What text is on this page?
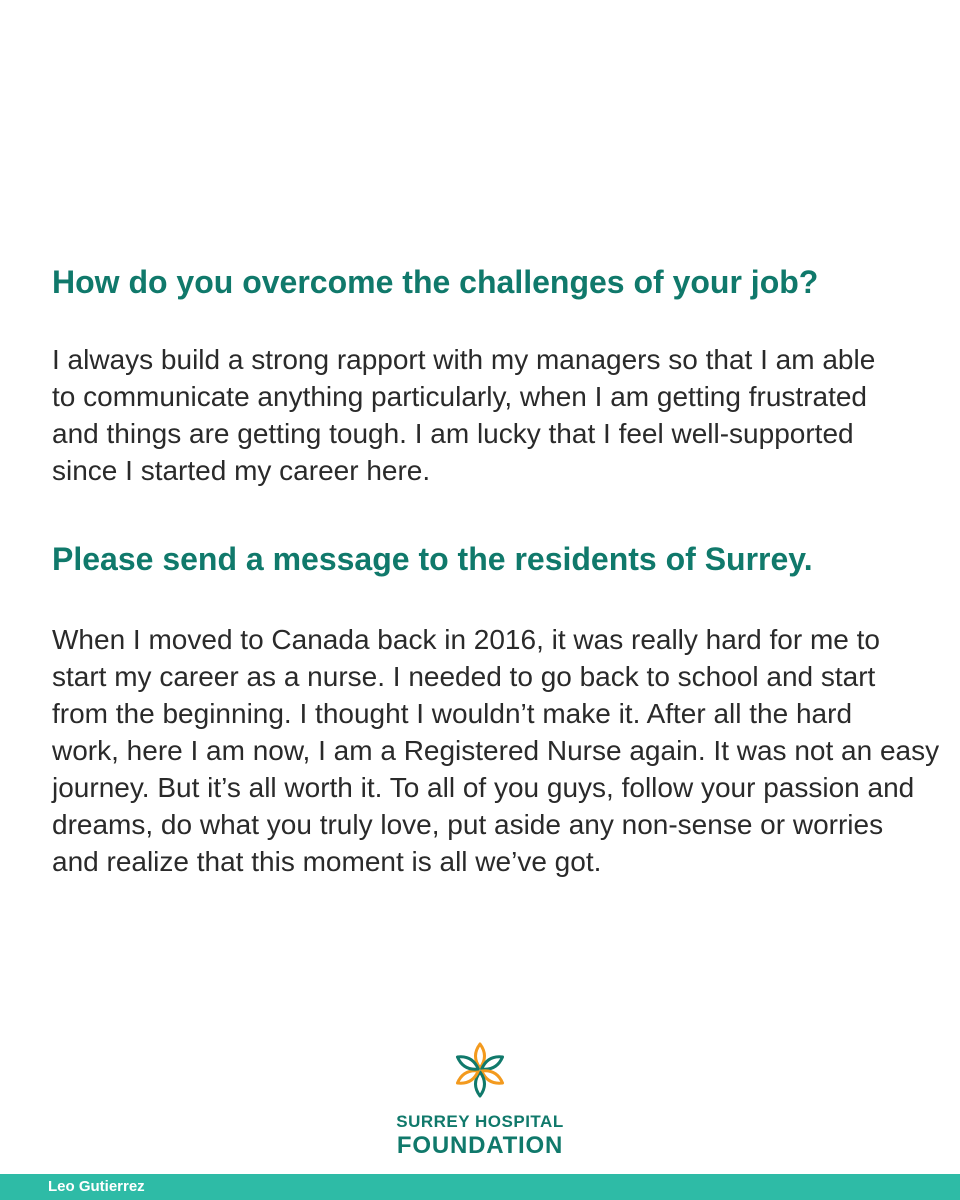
How do you overcome the challenges of your job?

I always build a strong rapport with my managers so that I am able
to communicate anything particularly, when I am getting frustrated
and things are getting tough. I am lucky that I feel well-supported
since I started my career here.

Please send a message to the residents of Surrey.

When I moved to Canada back in 2016, it was really hard for me to
start my career as a nurse. I needed to go back to school and start
from the beginning. I thought I wouldn’t make it. After all the hard
work, here I am now, I am a Registered Nurse again. It was not an easy
journey. But it’s all worth it. To all of you guys, follow your passion and
dreams, do what you truly love, put aside any non-sense or worries
and realize that this moment is all we’ve got.

SURREY HOSPITAL
FOUNDATION
Leo Gutierrez
